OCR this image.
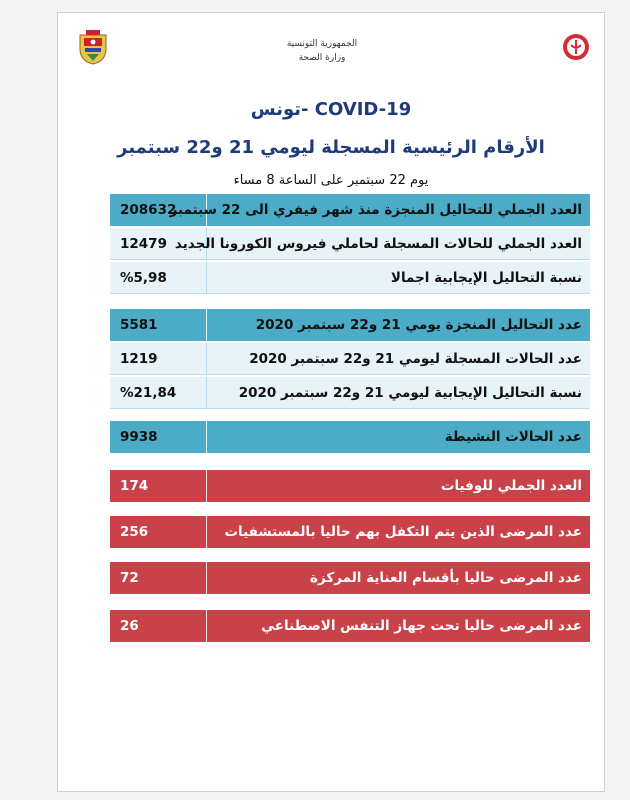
الجمهورية التونسية
وزارة الصحة
COVID-19 -تونس
الأرقام الرئيسية المسجلة ليومي 21 و22 سبتمبر
يوم 22 سبتمبر على الساعة 8 مساء
العدد الجملي للتحاليل المنجزة منذ شهر فيفري الى 22 سبتمبر
208632
العدد الجملي للحالات المسجلة لحاملي فيروس الكورونا الجديد
12479
نسبة التحاليل الإيجابية اجمالا
%5,98
عدد التحاليل المنجزة يومي 21 و22 سبتمبر 2020
5581
عدد الحالات المسجلة ليومي 21 و22 سبتمبر 2020
1219
نسبة التحاليل الإيجابية ليومي 21 و22 سبتمبر 2020
%21,84
عدد الحالات النشيطة
9938
العدد الجملي للوفيات
174
عدد المرضى الذين يتم التكفل بهم حاليا بالمستشفيات
256
عدد المرضى حاليا بأقسام العناية المركزة
72
عدد المرضى حاليا تحت جهاز التنفس الاصطناعي
26
